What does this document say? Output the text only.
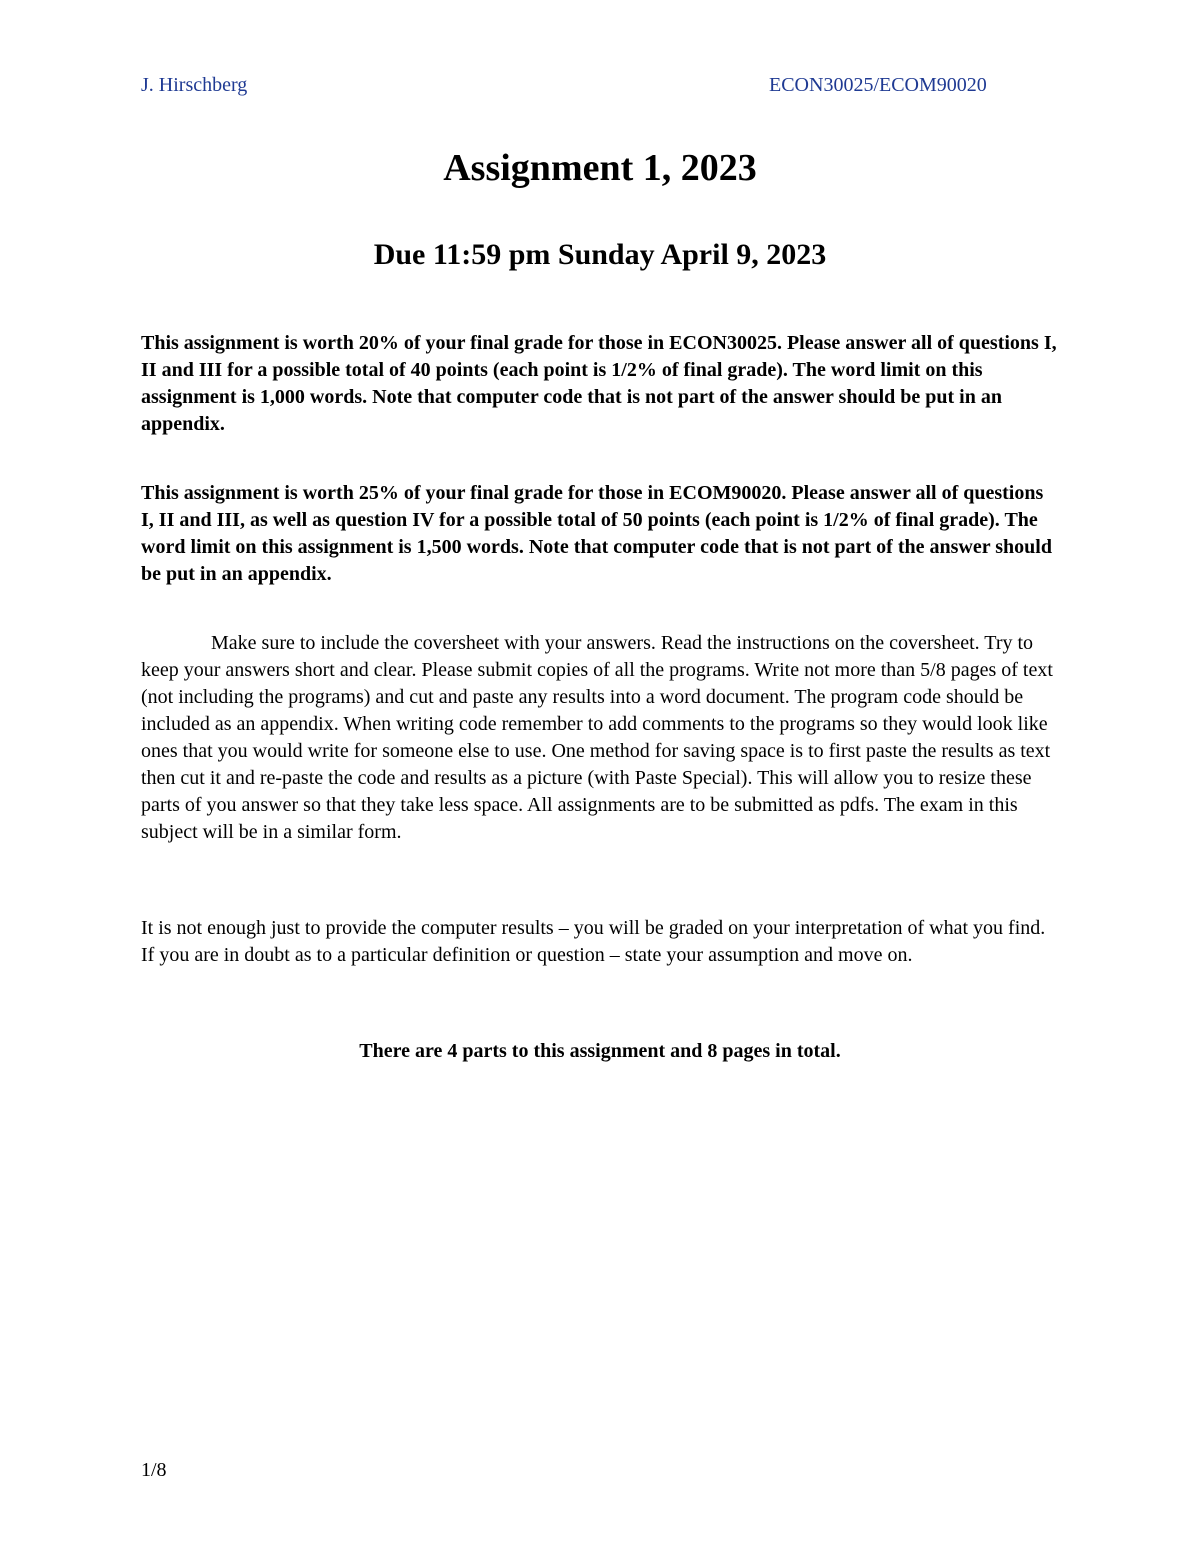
J. Hirschberg	ECON30025/ECOM90020
Assignment 1, 2023
Due 11:59 pm Sunday April 9, 2023

This assignment is worth 20% of your final grade for those in ECON30025. Please answer all of questions I, II and III for a possible total of 40 points (each point is 1/2% of final grade). The word limit on this assignment is 1,000 words. Note that computer code that is not part of the answer should be put in an appendix.

This assignment is worth 25% of your final grade for those in ECOM90020. Please answer all of questions I, II and III, as well as question IV for a possible total of 50 points (each point is 1/2% of final grade). The word limit on this assignment is 1,500 words. Note that computer code that is not part of the answer should be put in an appendix.

Make sure to include the coversheet with your answers. Read the instructions on the coversheet. Try to keep your answers short and clear. Please submit copies of all the programs. Write not more than 5/8 pages of text (not including the programs) and cut and paste any results into a word document. The program code should be included as an appendix. When writing code remember to add comments to the programs so they would look like ones that you would write for someone else to use. One method for saving space is to first paste the results as text then cut it and re-paste the code and results as a picture (with Paste Special). This will allow you to resize these parts of you answer so that they take less space. All assignments are to be submitted as pdfs. The exam in this subject will be in a similar form.

It is not enough just to provide the computer results – you will be graded on your interpretation of what you find. If you are in doubt as to a particular definition or question – state your assumption and move on.

There are 4 parts to this assignment and 8 pages in total.

1/8
